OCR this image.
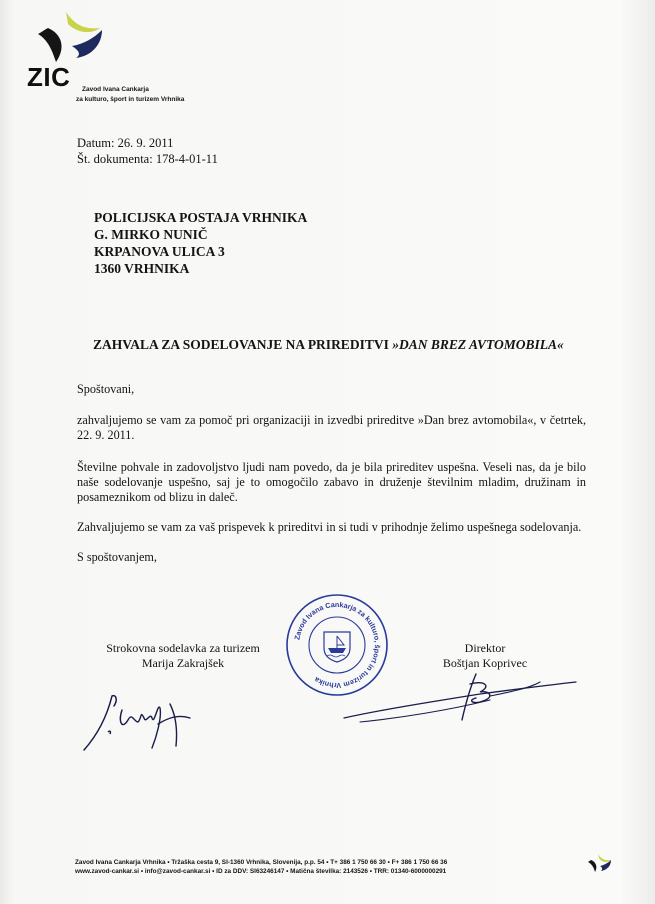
ZIC Zavod Ivana Cankarja
za kulturo, šport in turizem Vrhnika
Datum: 26. 9. 2011
Št. dokumenta: 178-4-01-11
POLICIJSKA POSTAJA VRHNIKA
G. MIRKO NUNIČ
KRPANOVA ULICA 3
1360 VRHNIKA
ZAHVALA ZA SODELOVANJE NA PRIREDITVI »DAN BREZ AVTOMOBILA«
Spoštovani,
zahvaljujemo se vam za pomoč pri organizaciji in izvedbi prireditve »Dan brez avtomobila«, v četrtek, 22. 9. 2011.
Številne pohvale in zadovoljstvo ljudi nam povedo, da je bila prireditev uspešna. Veseli nas, da je bilo naše sodelovanje uspešno, saj je to omogočilo zabavo in druženje številnim mladim, družinam in posameznikom od blizu in daleč.
Zahvaljujemo se vam za vaš prispevek k prireditvi in si tudi v prihodnje želimo uspešnega sodelovanja.
S spoštovanjem,
Strokovna sodelavka za turizem
Marija Zakrajšek
Direktor
Boštjan Koprivec
Zavod Ivana Cankarja za kulturo, šport in turizem Vrhnika
Zavod Ivana Cankarja Vrhnika • Tržaška cesta 9, SI-1360 Vrhnika, Slovenija, p.p. 54 • T+ 386 1 750 66 30 • F+ 386 1 750 66 36
www.zavod-cankar.si • info@zavod-cankar.si • ID za DDV: SI63246147 • Matična številka: 2143526 • TRR: 01340-6000000291
